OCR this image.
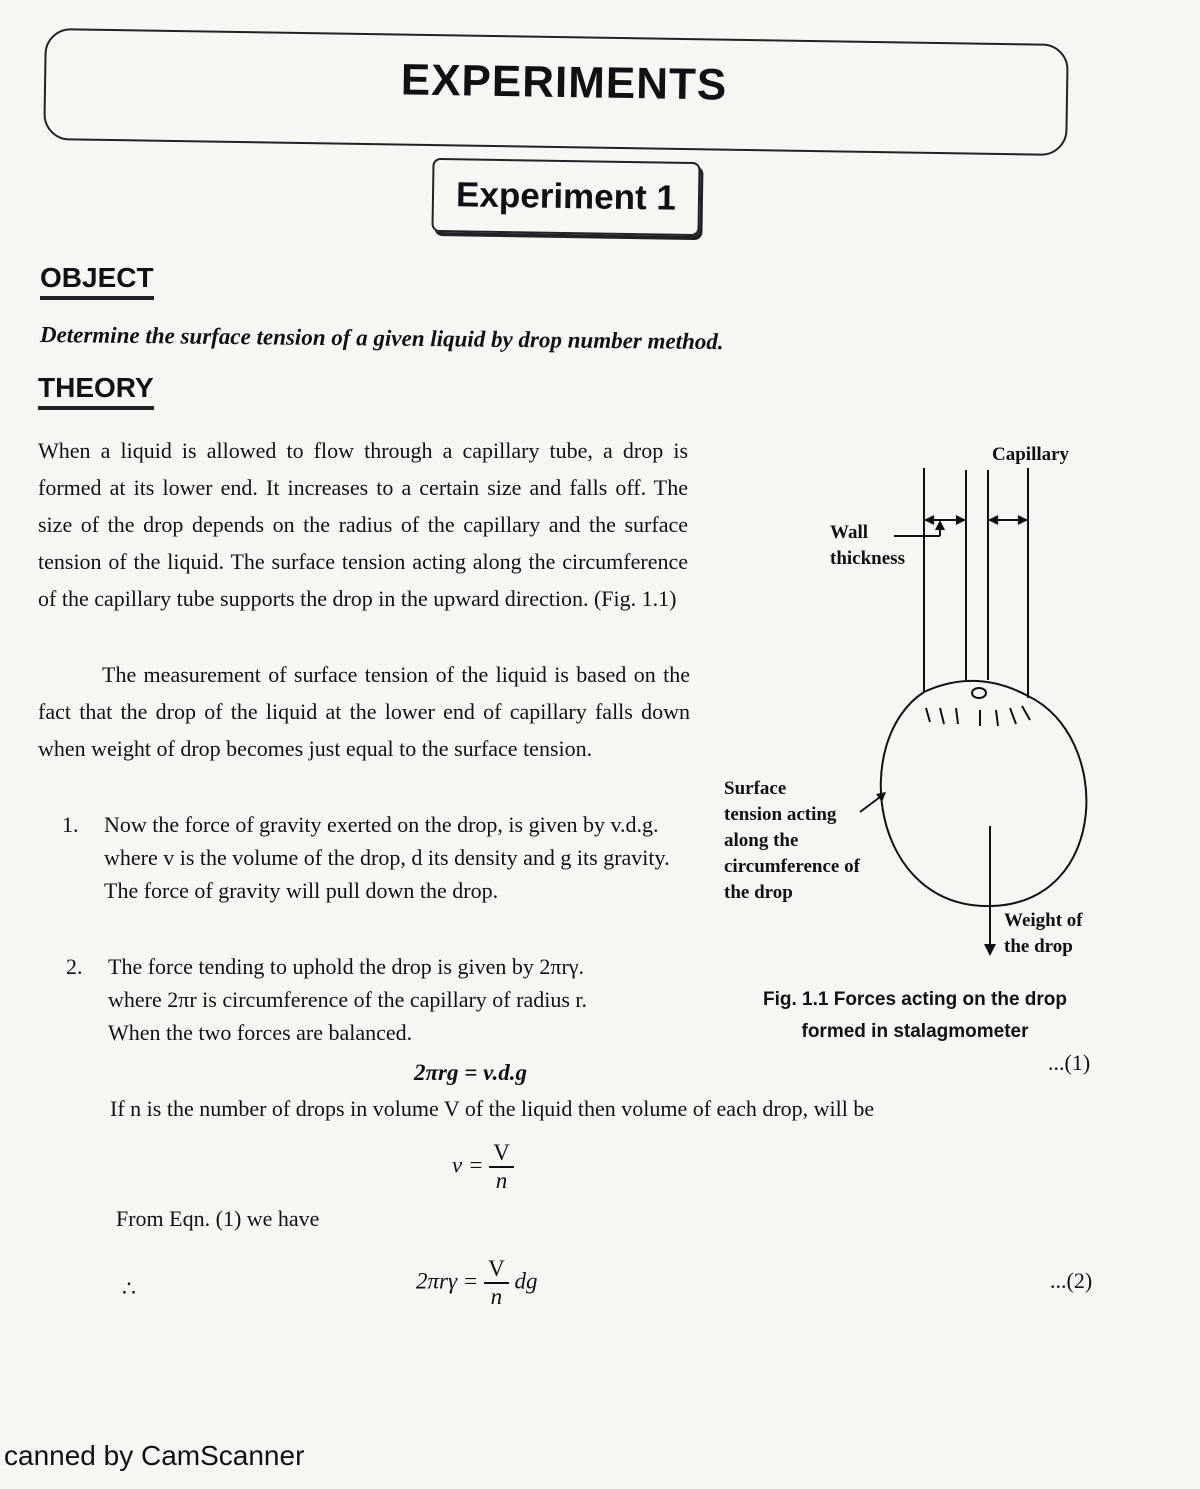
EXPERIMENTS
Experiment 1
OBJECT
Determine the surface tension of a given liquid by drop number method.
THEORY
When a liquid is allowed to flow through a capillary tube, a drop is formed at its lower end. It increases to a certain size and falls off. The size of the drop depends on the radius of the capillary and the surface tension of the liquid. The surface tension acting along the circumference of the capillary tube supports the drop in the upward direction. (Fig. 1.1)
The measurement of surface tension of the liquid is based on the fact that the drop of the liquid at the lower end of capillary falls down when weight of drop becomes just equal to the surface tension.
1. Now the force of gravity exerted on the drop, is given by v.d.g.
where v is the volume of the drop, d its density and g its gravity. The force of gravity will pull down the drop.
2. The force tending to uphold the drop is given by 2πrγ.
where 2πr is circumference of the capillary of radius r.
When the two forces are balanced.
2πrg = v.d.g	...(1)
If n is the number of drops in volume V of the liquid then volume of each drop, will be
$v = \frac{V}{n}$
From Eqn. (1) we have
∴	$2\pi r\gamma = \frac{V}{n}$ dg	...(2)
Capillary
Wall
thickness
Surface
tension acting
along the
circumference of
the drop
Weight of
the drop
Fig. 1.1 Forces acting on the drop
formed in stalagmometer
canned by CamScanner
